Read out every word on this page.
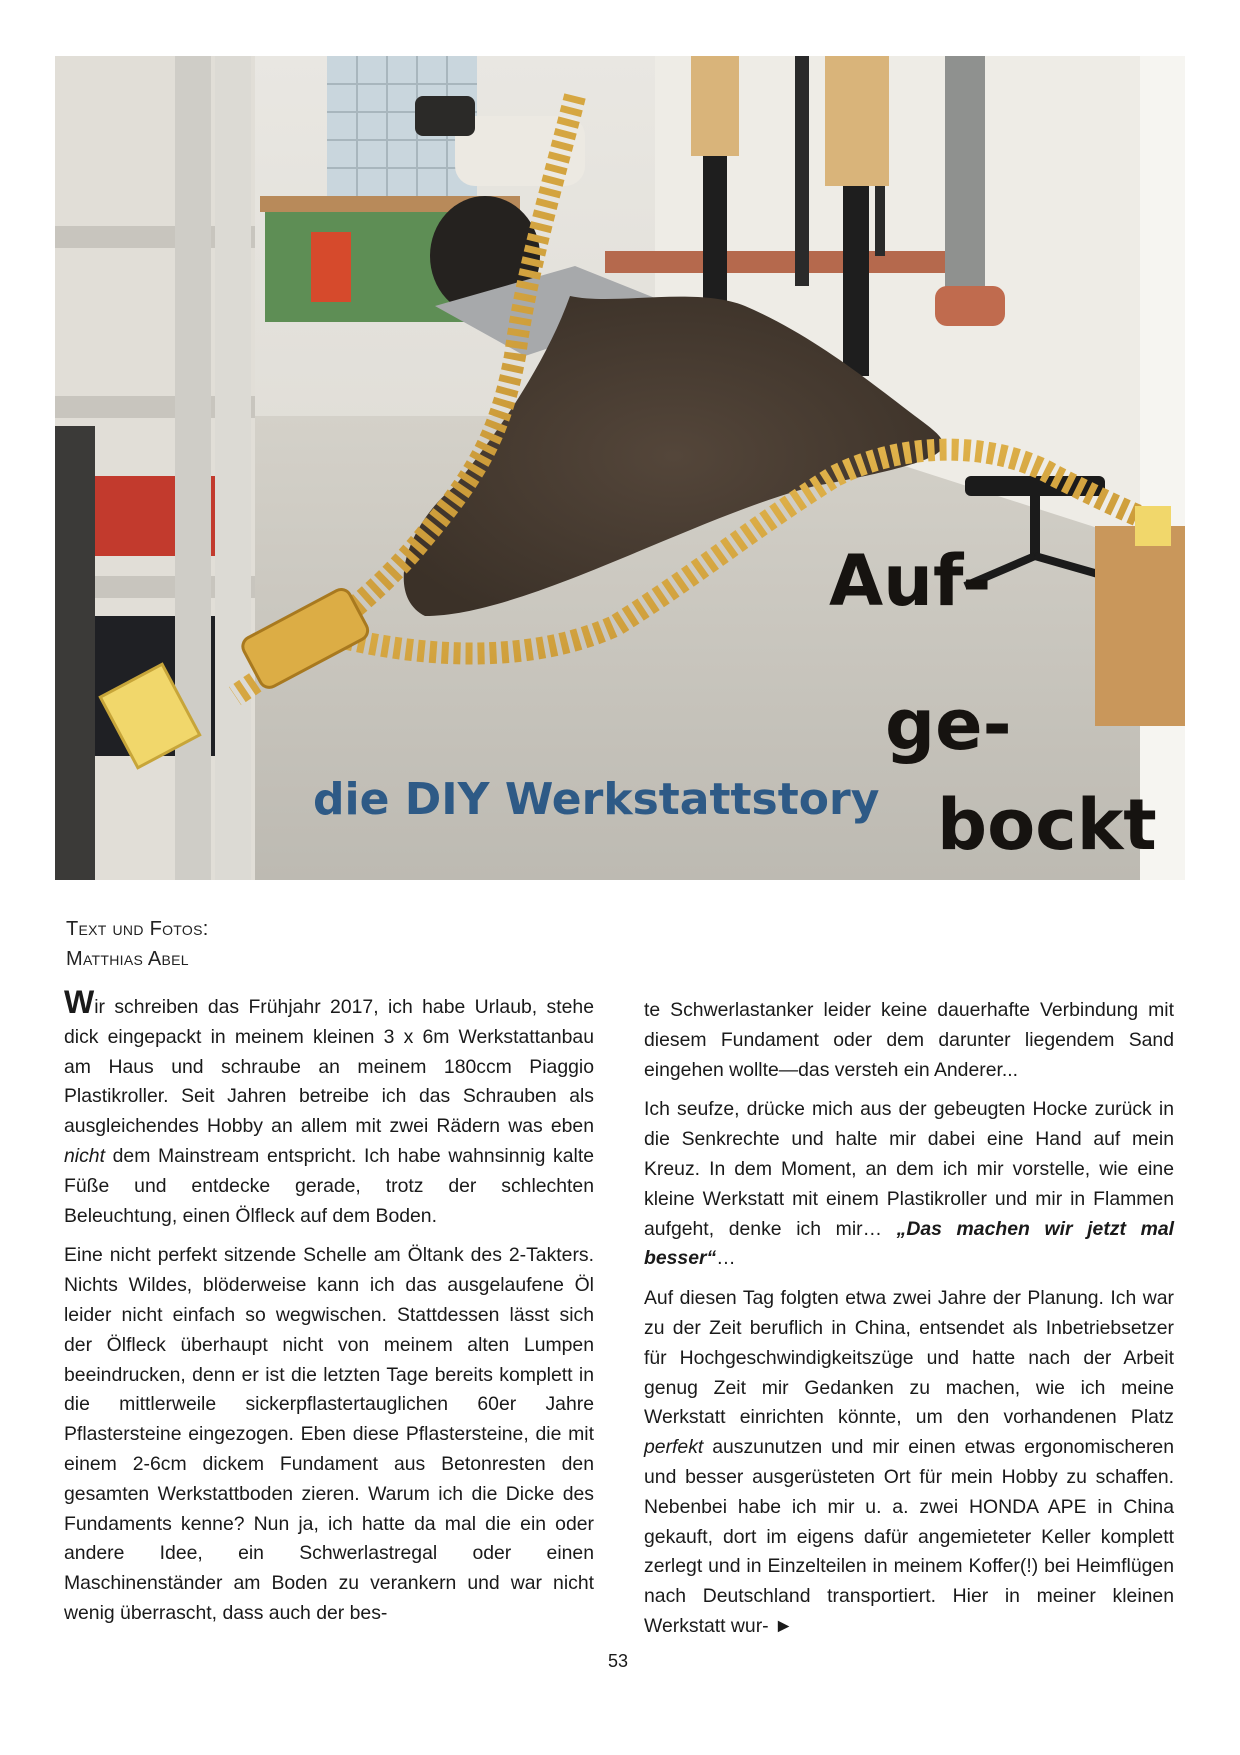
Auf-

ge-

bockt

die DIY Werkstattstory

Text und Fotos:
Matthias Abel

Wir schreiben das Frühjahr 2017, ich habe Urlaub, stehe dick eingepackt in meinem kleinen 3 x 6m Werkstattanbau am Haus und schraube an meinem 180ccm Piaggio Plastikroller. Seit Jahren betreibe ich das Schrauben als ausgleichendes Hobby an allem mit zwei Rädern was eben nicht dem Mainstream entspricht. Ich habe wahnsinnig kalte Füße und entdecke gerade, trotz der schlechten Beleuchtung, einen Ölfleck auf dem Boden.

Eine nicht perfekt sitzende Schelle am Öltank des 2-Takters. Nichts Wildes, blöderweise kann ich das ausgelaufene Öl leider nicht einfach so wegwischen. Stattdessen lässt sich der Ölfleck überhaupt nicht von meinem alten Lumpen beeindrucken, denn er ist die letzten Tage bereits komplett in die mittlerweile sickerpflastertauglichen 60er Jahre Pflastersteine eingezogen. Eben diese Pflastersteine, die mit einem 2-6cm dickem Fundament aus Betonresten den gesamten Werkstattboden zieren. Warum ich die Dicke des Fundaments kenne? Nun ja, ich hatte da mal die ein oder andere Idee, ein Schwerlastregal oder einen Maschinenständer am Boden zu verankern und war nicht wenig überrascht, dass auch der bes-

te Schwerlastanker leider keine dauerhafte Verbindung mit diesem Fundament oder dem darunter liegendem Sand eingehen wollte—das versteh ein Anderer...

Ich seufze, drücke mich aus der gebeugten Hocke zurück in die Senkrechte und halte mir dabei eine Hand auf mein Kreuz. In dem Moment, an dem ich mir vorstelle, wie eine kleine Werkstatt mit einem Plastikroller und mir in Flammen aufgeht, denke ich mir… „Das machen wir jetzt mal besser“…

Auf diesen Tag folgten etwa zwei Jahre der Planung. Ich war zu der Zeit beruflich in China, entsendet als Inbetriebsetzer für Hochgeschwindigkeitszüge und hatte nach der Arbeit genug Zeit mir Gedanken zu machen, wie ich meine Werkstatt einrichten könnte, um den vorhandenen Platz perfekt auszunutzen und mir einen etwas ergonomischeren und besser ausgerüsteten Ort für mein Hobby zu schaffen. Nebenbei habe ich mir u. a. zwei HONDA APE in China gekauft, dort im eigens dafür angemieteter Keller komplett zerlegt und in Einzelteilen in meinem Koffer(!) bei Heimflügen nach Deutschland transportiert. Hier in meiner kleinen Werkstatt wur- ►

53
